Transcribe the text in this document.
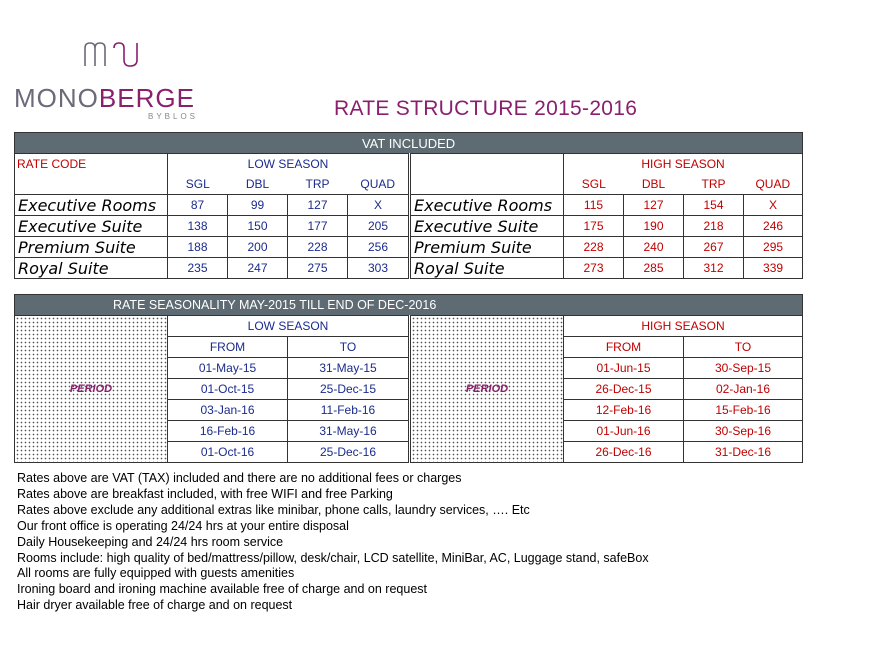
MONOBERGE
BYBLOS	RATE STRUCTURE 2015-2016
VAT INCLUDED									
RATE CODE	LOW SEASON					HIGH SEASON			
	SGL	DBL	TRP	QUAD		SGL	DBL	TRP	QUAD
Executive Rooms	87	99	127	X	Executive Rooms	115	127	154	X
Executive Suite	138	150	177	205	Executive Suite	175	190	218	246
Premium Suite	188	200	228	256	Premium Suite	228	240	267	295
Royal Suite	235	247	275	303	Royal Suite	273	285	312	339
RATE SEASONALITY MAY-2015 TILL END OF DEC-2016					
PERIOD	LOW SEASON		PERIOD	HIGH SEASON	
	FROM	TO		FROM	TO
	01-May-15	31-May-15		01-Jun-15	30-Sep-15
	01-Oct-15	25-Dec-15		26-Dec-15	02-Jan-16
	03-Jan-16	11-Feb-16		12-Feb-16	15-Feb-16
	16-Feb-16	31-May-16		01-Jun-16	30-Sep-16
	01-Oct-16	25-Dec-16		26-Dec-16	31-Dec-16
Rates above are VAT (TAX) included and there are no additional fees or charges
Rates above are breakfast included, with free WIFI and free Parking
Rates above exclude any additional extras like minibar, phone calls, laundry services, …. Etc
Our front office is operating 24/24 hrs at your entire disposal
Daily Housekeeping and 24/24 hrs room service
Rooms include: high quality of bed/mattress/pillow, desk/chair, LCD satellite, MiniBar, AC, Luggage stand, safeBox
All rooms are fully equipped with guests amenities
Ironing board and ironing machine available free of charge and on request
Hair dryer available free of charge and on request
